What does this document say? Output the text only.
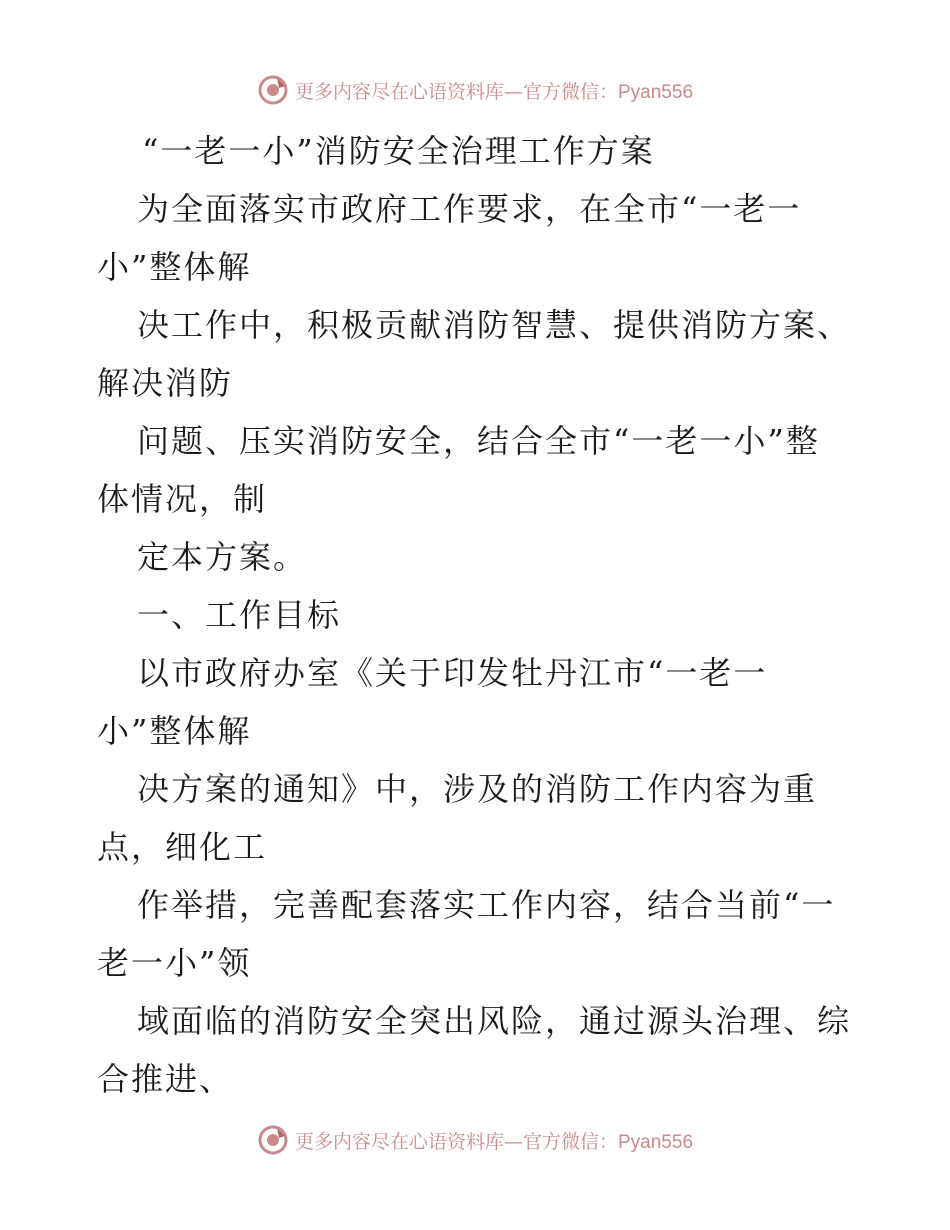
更多内容尽在心语资料库—官方微信：Pyan556
“一老一小”消防安全治理工作方案
为全面落实市政府工作要求，在全市“一老一
小”整体解
决工作中，积极贡献消防智慧、提供消防方案、
解决消防
问题、压实消防安全，结合全市“一老一小”整
体情况，制
定本方案。
一、工作目标
以市政府办室《关于印发牡丹江市“一老一
小”整体解
决方案的通知》中，涉及的消防工作内容为重
点，细化工
作举措，完善配套落实工作内容，结合当前“一
老一小”领
域面临的消防安全突出风险，通过源头治理、综
合推进、
更多内容尽在心语资料库—官方微信：Pyan556
